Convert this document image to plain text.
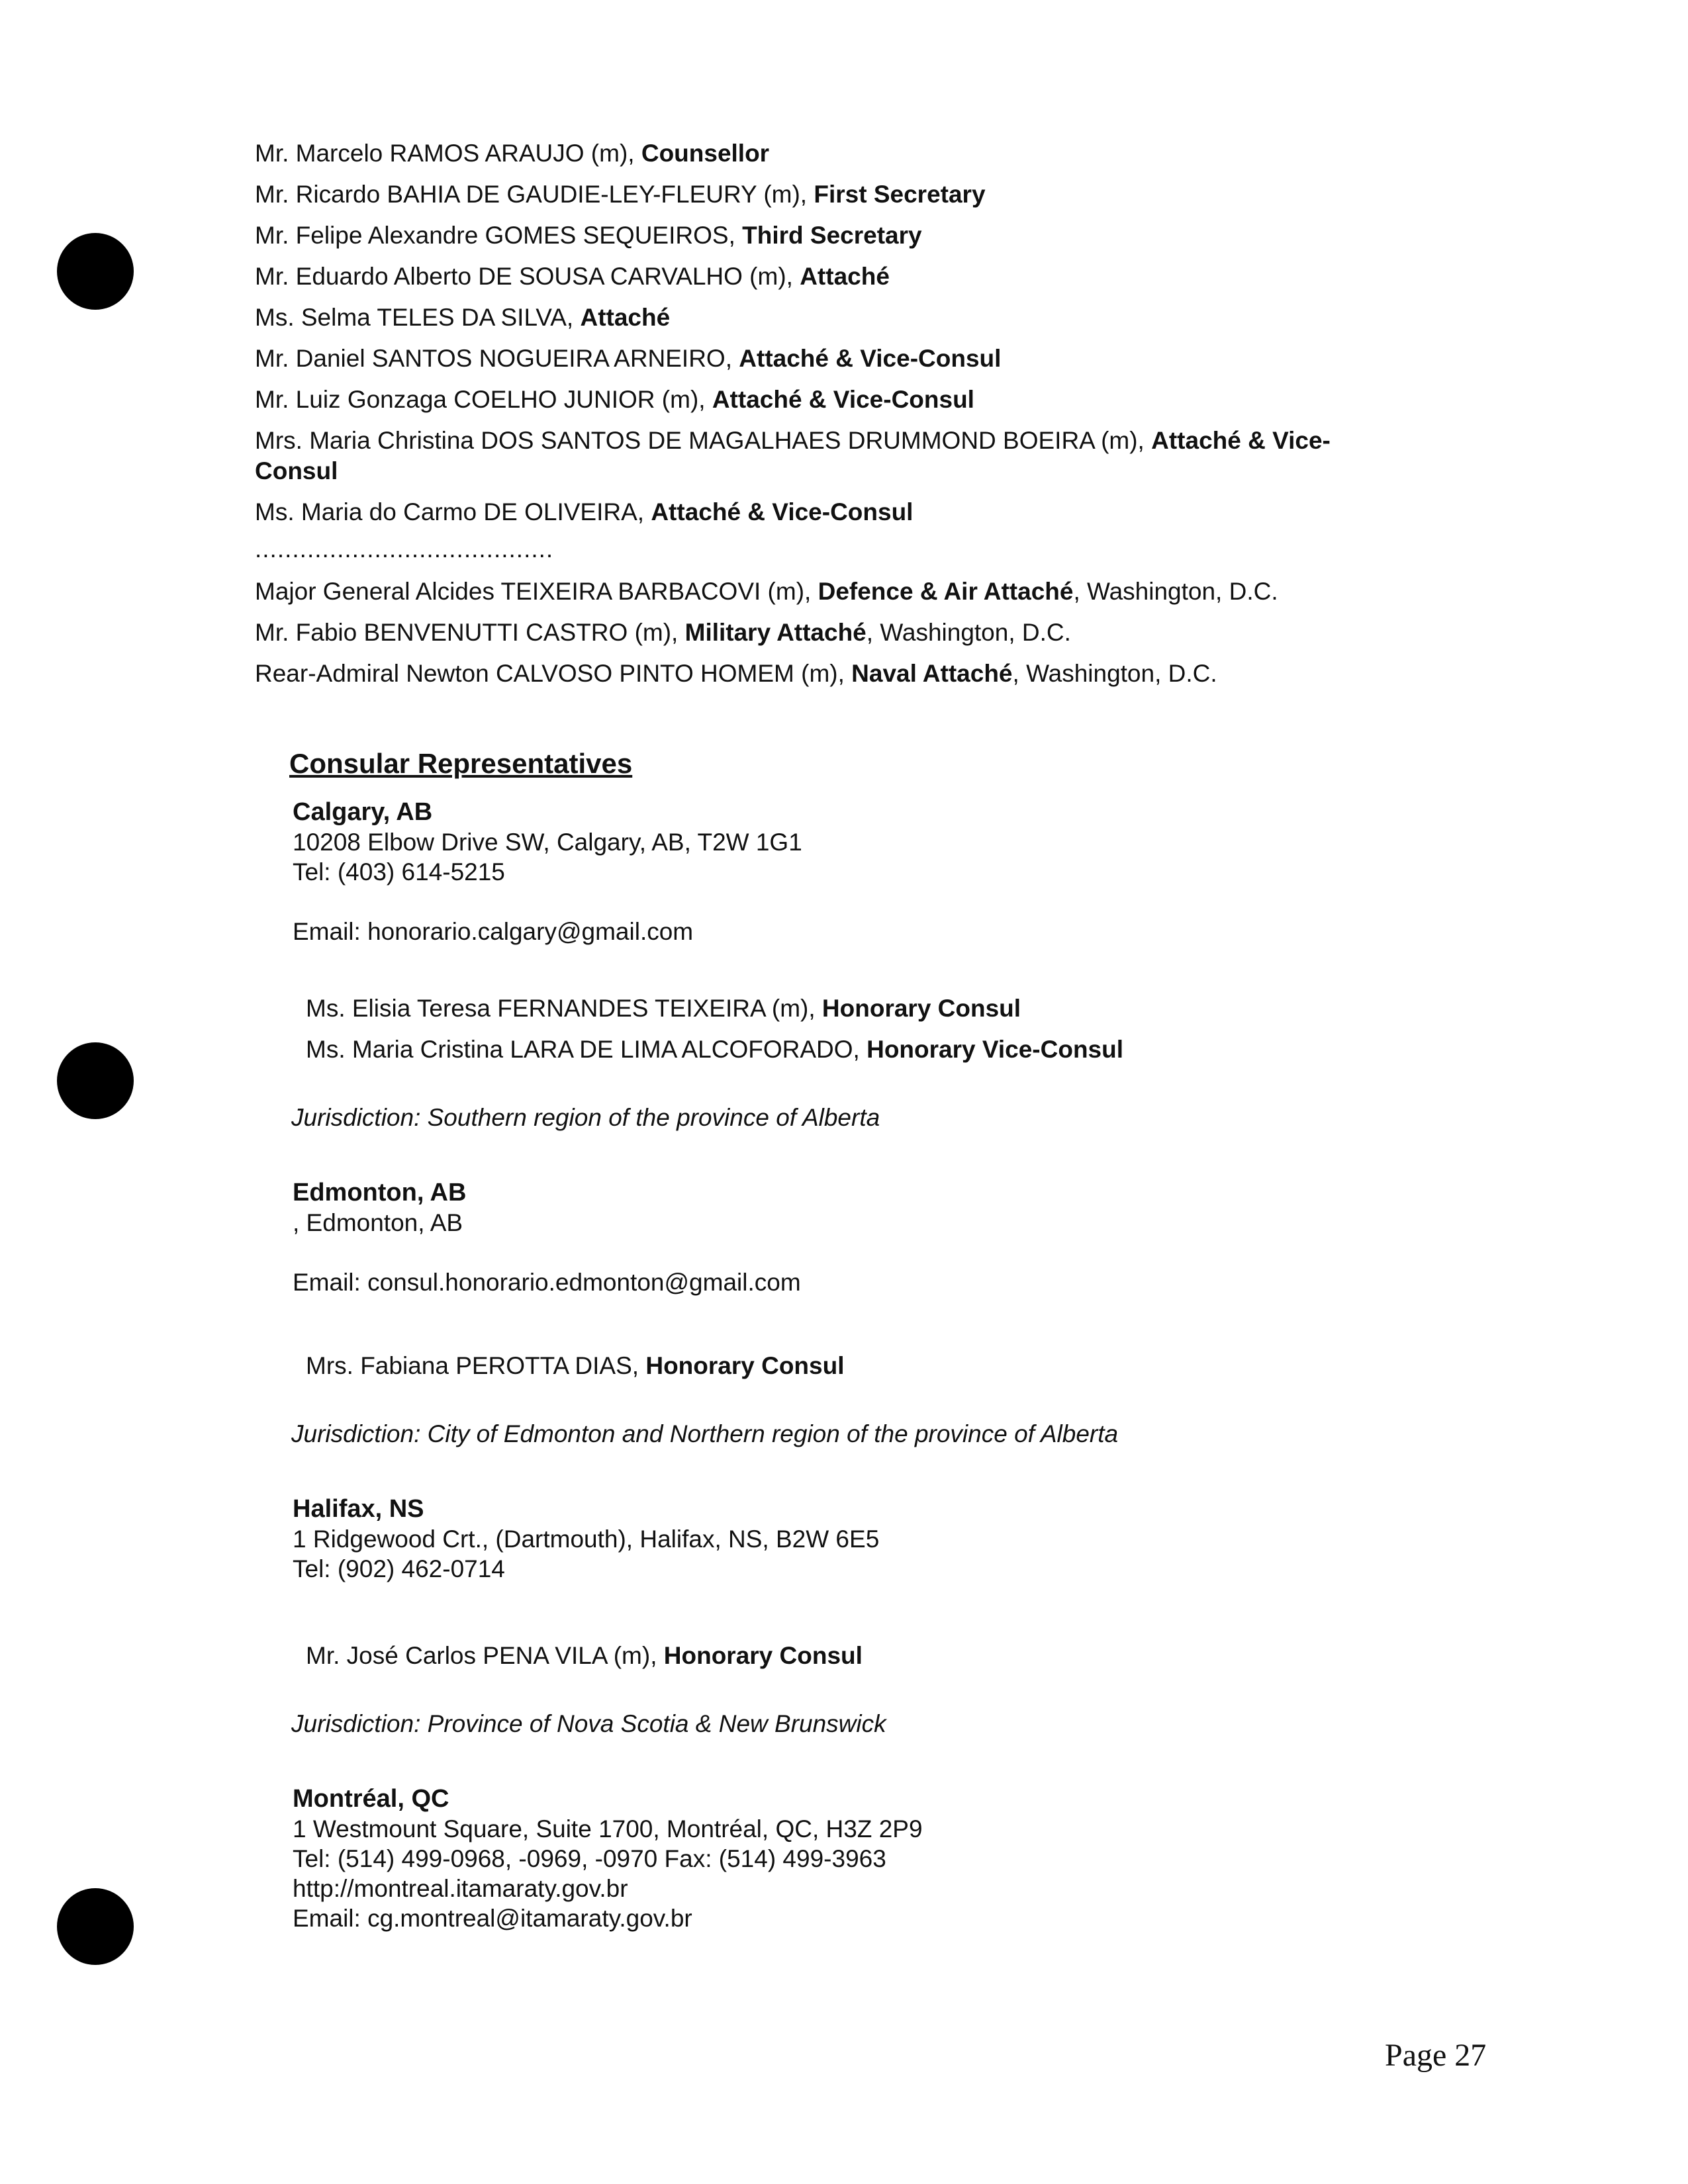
Mr. Marcelo RAMOS ARAUJO (m), Counsellor
Mr. Ricardo BAHIA DE GAUDIE-LEY-FLEURY (m), First Secretary
Mr. Felipe Alexandre GOMES SEQUEIROS, Third Secretary
Mr. Eduardo Alberto DE SOUSA CARVALHO (m), Attaché
Ms. Selma TELES DA SILVA, Attaché
Mr. Daniel SANTOS NOGUEIRA ARNEIRO, Attaché & Vice-Consul
Mr. Luiz Gonzaga COELHO JUNIOR (m), Attaché & Vice-Consul
Mrs. Maria Christina DOS SANTOS DE MAGALHAES DRUMMOND BOEIRA (m), Attaché & Vice-
Consul
Ms. Maria do Carmo DE OLIVEIRA, Attaché & Vice-Consul
........................................
Major General Alcides TEIXEIRA BARBACOVI (m), Defence & Air Attaché, Washington, D.C.
Mr. Fabio BENVENUTTI CASTRO (m), Military Attaché, Washington, D.C.
Rear-Admiral Newton CALVOSO PINTO HOMEM (m), Naval Attaché, Washington, D.C.
Consular Representatives
Calgary, AB
10208 Elbow Drive SW, Calgary, AB, T2W 1G1
Tel: (403) 614-5215
Email: honorario.calgary@gmail.com
Ms. Elisia Teresa FERNANDES TEIXEIRA (m), Honorary Consul
Ms. Maria Cristina LARA DE LIMA ALCOFORADO, Honorary Vice-Consul
Jurisdiction: Southern region of the province of Alberta
Edmonton, AB
, Edmonton, AB
Email: consul.honorario.edmonton@gmail.com
Mrs. Fabiana PEROTTA DIAS, Honorary Consul
Jurisdiction: City of Edmonton and Northern region of the province of Alberta
Halifax, NS
1 Ridgewood Crt., (Dartmouth), Halifax, NS, B2W 6E5
Tel: (902) 462-0714
Mr. José Carlos PENA VILA (m), Honorary Consul
Jurisdiction: Province of Nova Scotia & New Brunswick
Montréal, QC
1 Westmount Square, Suite 1700, Montréal, QC, H3Z 2P9
Tel: (514) 499-0968, -0969, -0970 Fax: (514) 499-3963
http://montreal.itamaraty.gov.br
Email: cg.montreal@itamaraty.gov.br
Page 27
